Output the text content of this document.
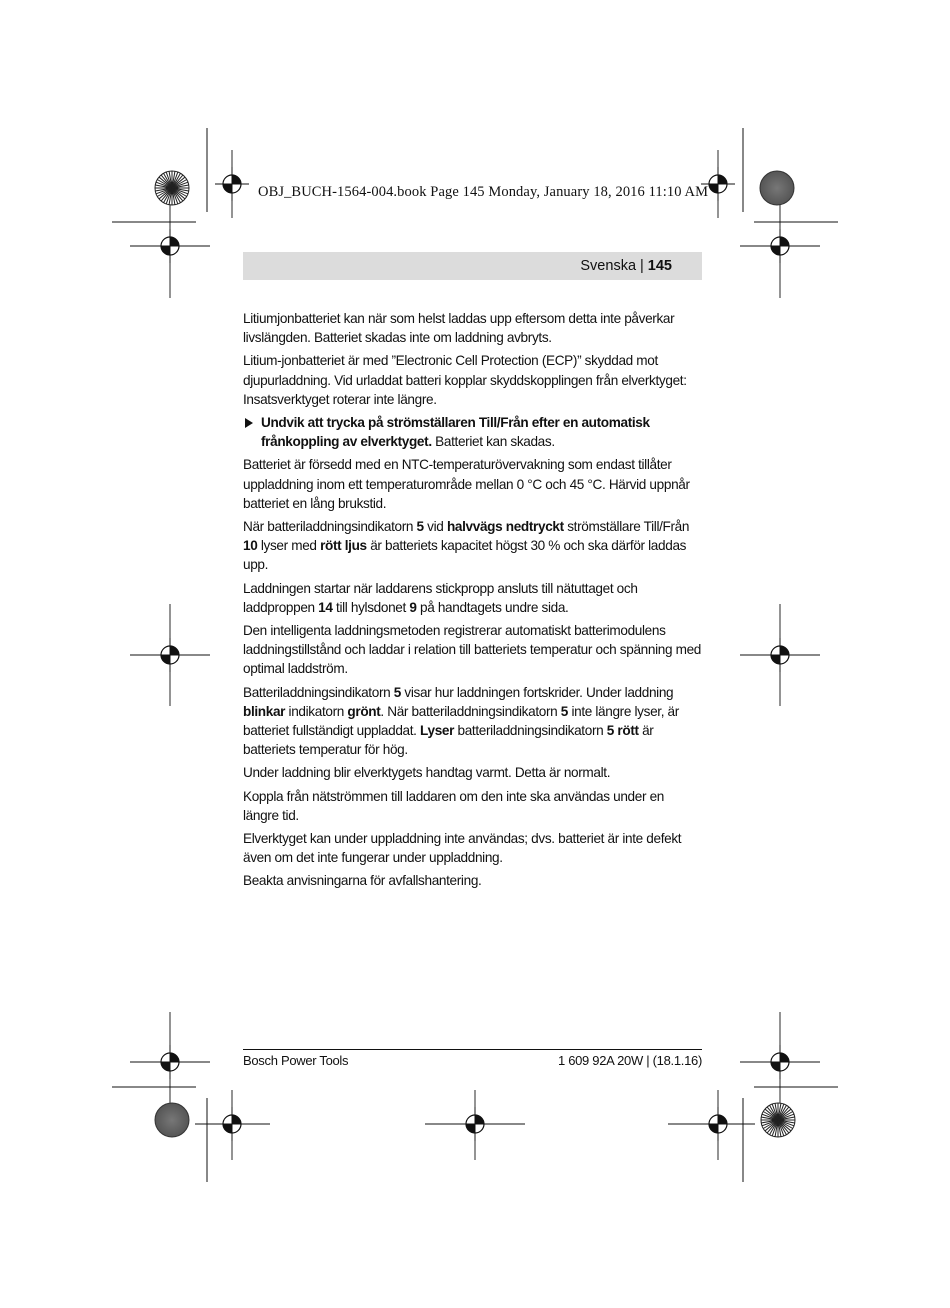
OBJ_BUCH-1564-004.book Page 145 Monday, January 18, 2016 11:10 AM
Svenska | 145

Litiumjonbatteriet kan när som helst laddas upp eftersom detta inte påverkar livslängden. Batteriet skadas inte om laddning avbryts.

Litium-jonbatteriet är med ”Electronic Cell Protection (ECP)” skyddad mot djupurladdning. Vid urladdat batteri kopplar skyddskopplingen från elverktyget: Insatsverktyget roterar inte längre.

Undvik att trycka på strömställaren Till/Från efter en automatisk frånkoppling av elverktyget. Batteriet kan skadas.

Batteriet är försedd med en NTC-temperaturövervakning som endast tillåter uppladdning inom ett temperaturområde mellan 0 °C och 45 °C. Härvid uppnår batteriet en lång brukstid.

När batteriladdningsindikatorn 5 vid halvvägs nedtryckt strömställare Till/Från 10 lyser med rött ljus är batteriets kapacitet högst 30 % och ska därför laddas upp.

Laddningen startar när laddarens stickpropp ansluts till nätuttaget och laddproppen 14 till hylsdonet 9 på handtagets undre sida.

Den intelligenta laddningsmetoden registrerar automatiskt batterimodulens laddningstillstånd och laddar i relation till batteriets temperatur och spänning med optimal laddström.

Batteriladdningsindikatorn 5 visar hur laddningen fortskrider. Under laddning blinkar indikatorn grönt. När batteriladdningsindikatorn 5 inte längre lyser, är batteriet fullständigt uppladdat. Lyser batteriladdningsindikatorn 5 rött är batteriets temperatur för hög.

Under laddning blir elverktygets handtag varmt. Detta är normalt.

Koppla från nätströmmen till laddaren om den inte ska användas under en längre tid.

Elverktyget kan under uppladdning inte användas; dvs. batteriet är inte defekt även om det inte fungerar under uppladdning.

Beakta anvisningarna för avfallshantering.

Bosch Power Tools	1 609 92A 20W | (18.1.16)
